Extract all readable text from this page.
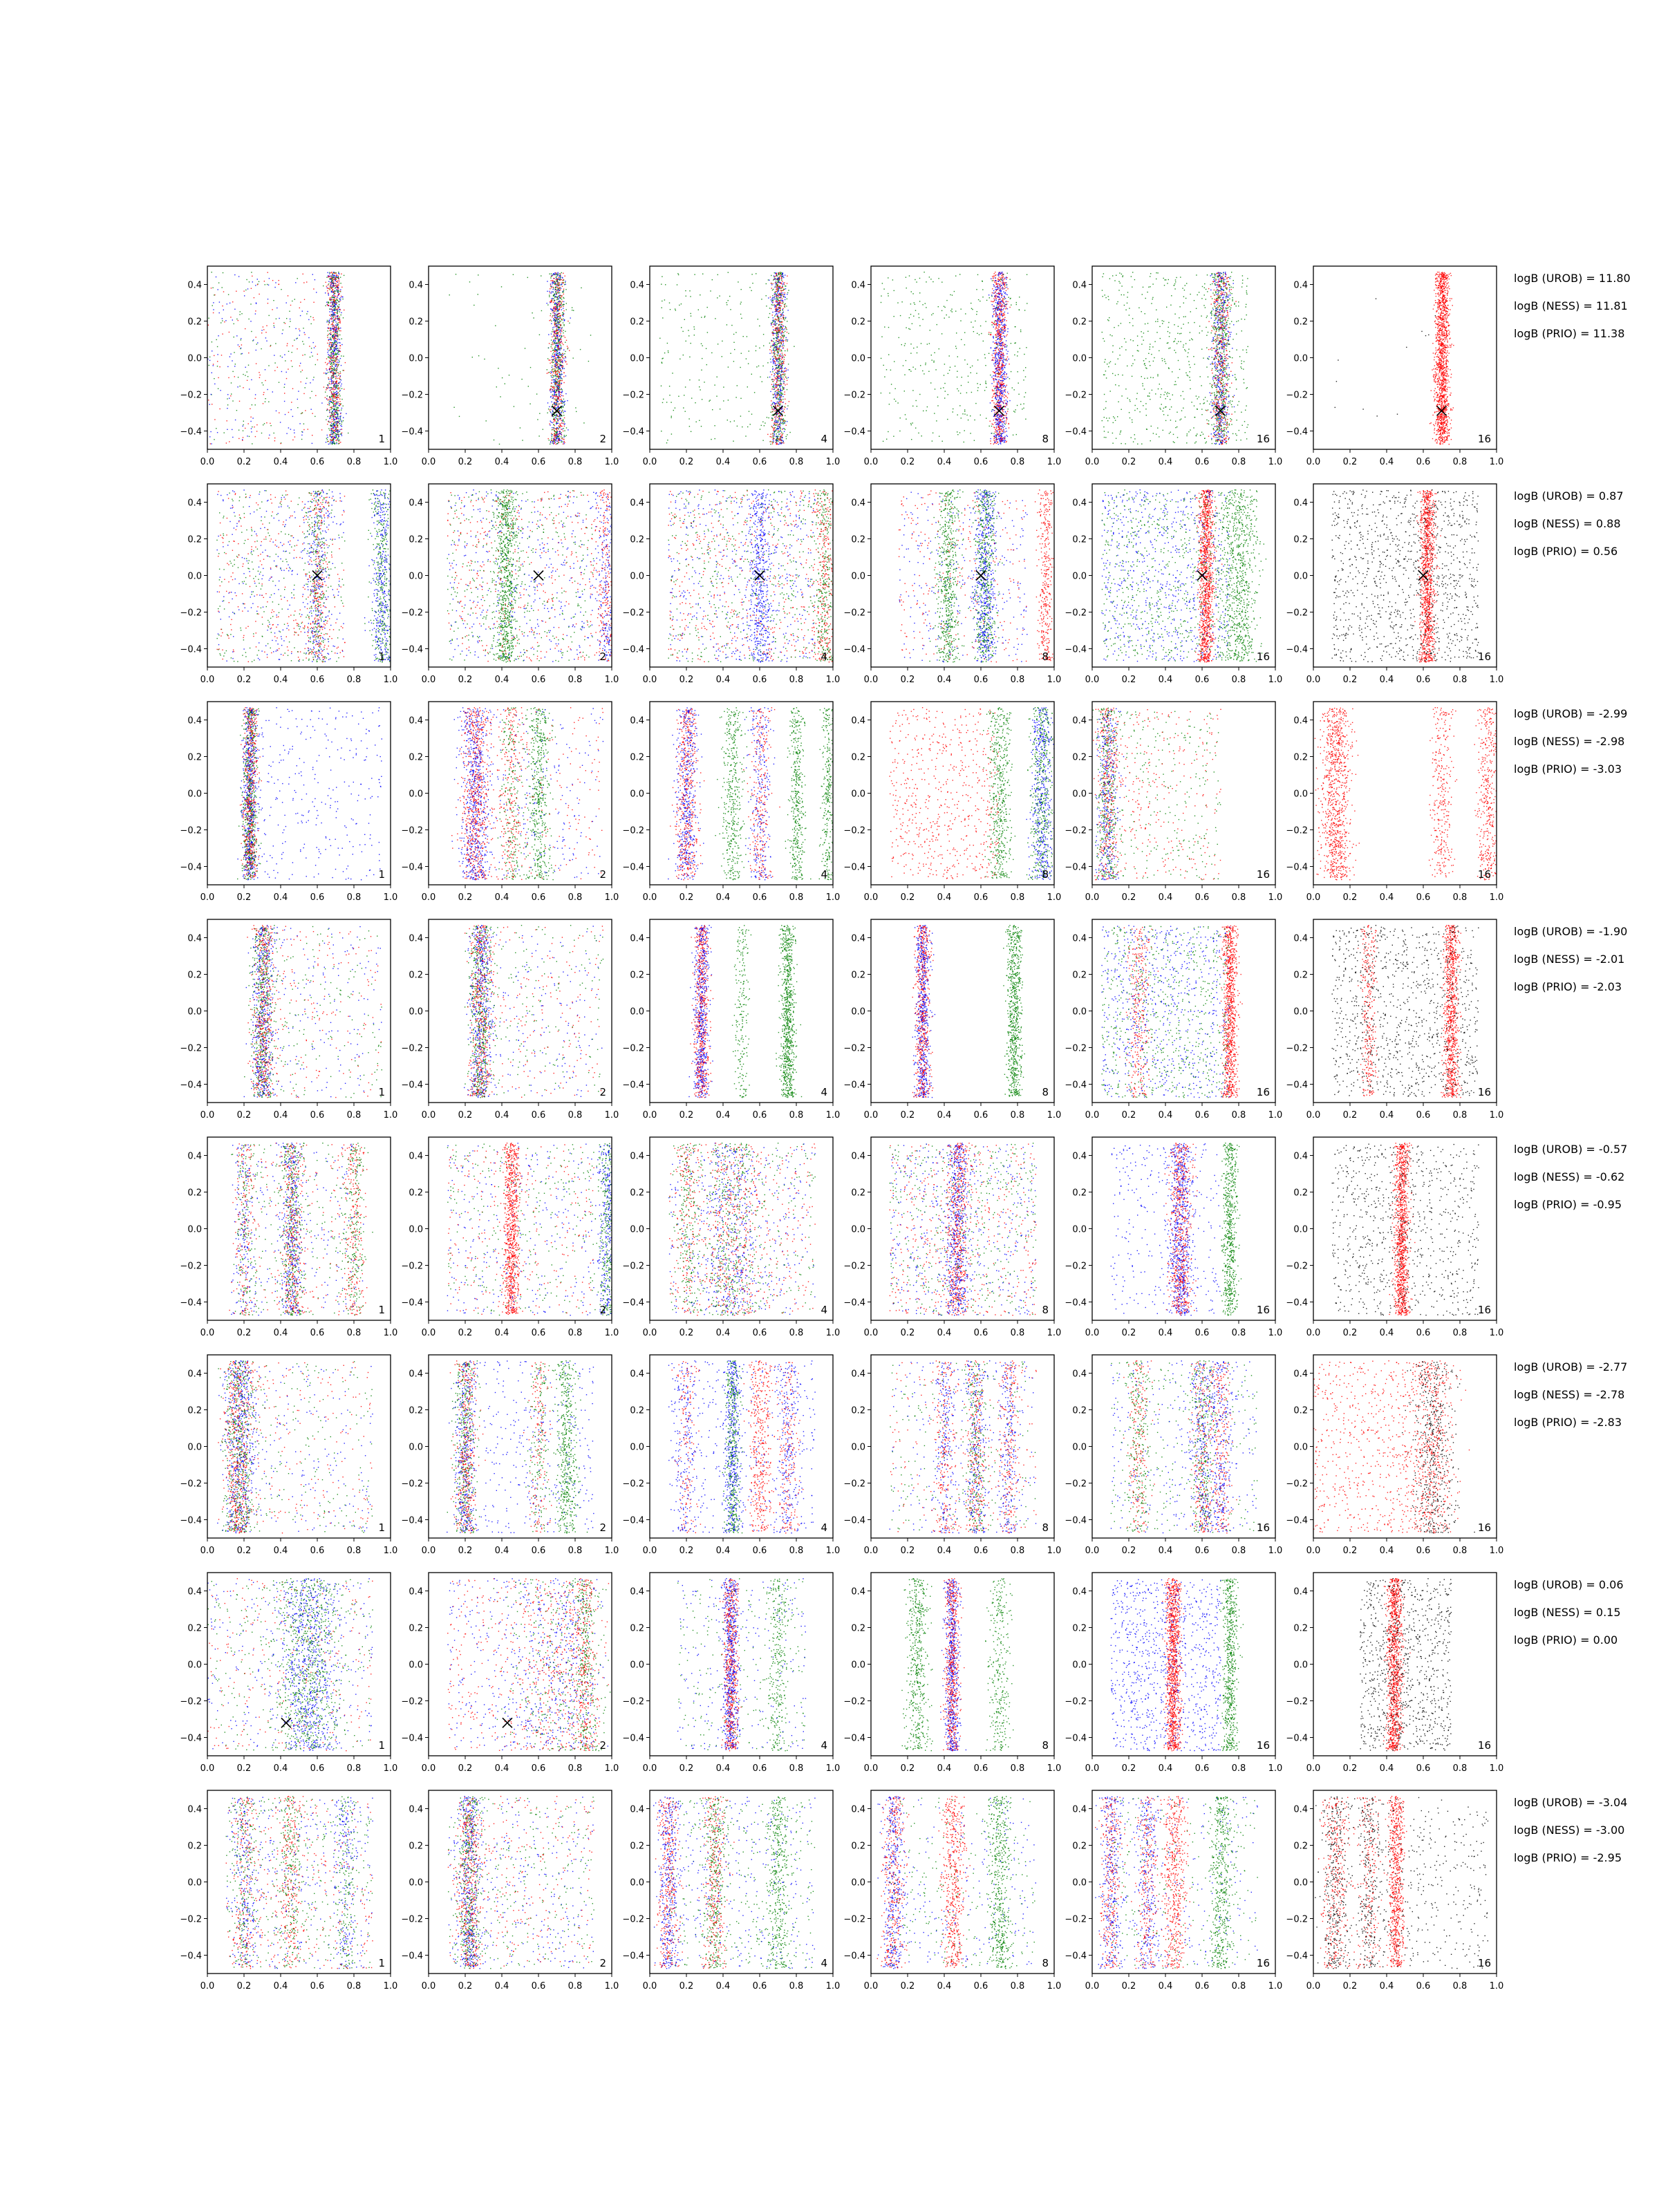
0.0 0.2 0.4 0.6 0.8 1.0
0.4
0.2
0.0
−0.2
−0.4
1
0.0 0.2 0.4 0.6 0.8 1.0
0.4
0.2
0.0
−0.2
−0.4
2
0.0 0.2 0.4 0.6 0.8 1.0
0.4
0.2
0.0
−0.2
−0.4
4
0.0 0.2 0.4 0.6 0.8 1.0
0.4
0.2
0.0
−0.2
−0.4
8
0.0 0.2 0.4 0.6 0.8 1.0
0.4
0.2
0.0
−0.2
−0.4
16
0.0 0.2 0.4 0.6 0.8 1.0
0.4
0.2
0.0
−0.2
−0.4
16
logB (UROB) = 11.80
logB (NESS) = 11.81
logB (PRIO) = 11.38
0.0 0.2 0.4 0.6 0.8 1.0
0.4
0.2
0.0
−0.2
−0.4
1
0.0 0.2 0.4 0.6 0.8 1.0
0.4
0.2
0.0
−0.2
−0.4
2
0.0 0.2 0.4 0.6 0.8 1.0
0.4
0.2
0.0
−0.2
−0.4
4
0.0 0.2 0.4 0.6 0.8 1.0
0.4
0.2
0.0
−0.2
−0.4
8
0.0 0.2 0.4 0.6 0.8 1.0
0.4
0.2
0.0
−0.2
−0.4
16
0.0 0.2 0.4 0.6 0.8 1.0
0.4
0.2
0.0
−0.2
−0.4
16
logB (UROB) = 0.87
logB (NESS) = 0.88
logB (PRIO) = 0.56
0.0 0.2 0.4 0.6 0.8 1.0
0.4
0.2
0.0
−0.2
−0.4
1
0.0 0.2 0.4 0.6 0.8 1.0
0.4
0.2
0.0
−0.2
−0.4
2
0.0 0.2 0.4 0.6 0.8 1.0
0.4
0.2
0.0
−0.2
−0.4
4
0.0 0.2 0.4 0.6 0.8 1.0
0.4
0.2
0.0
−0.2
−0.4
8
0.0 0.2 0.4 0.6 0.8 1.0
0.4
0.2
0.0
−0.2
−0.4
16
0.0 0.2 0.4 0.6 0.8 1.0
0.4
0.2
0.0
−0.2
−0.4
16
logB (UROB) = -2.99
logB (NESS) = -2.98
logB (PRIO) = -3.03
0.0 0.2 0.4 0.6 0.8 1.0
0.4
0.2
0.0
−0.2
−0.4
1
0.0 0.2 0.4 0.6 0.8 1.0
0.4
0.2
0.0
−0.2
−0.4
2
0.0 0.2 0.4 0.6 0.8 1.0
0.4
0.2
0.0
−0.2
−0.4
4
0.0 0.2 0.4 0.6 0.8 1.0
0.4
0.2
0.0
−0.2
−0.4
8
0.0 0.2 0.4 0.6 0.8 1.0
0.4
0.2
0.0
−0.2
−0.4
16
0.0 0.2 0.4 0.6 0.8 1.0
0.4
0.2
0.0
−0.2
−0.4
16
logB (UROB) = -1.90
logB (NESS) = -2.01
logB (PRIO) = -2.03
0.0 0.2 0.4 0.6 0.8 1.0
0.4
0.2
0.0
−0.2
−0.4
1
0.0 0.2 0.4 0.6 0.8 1.0
0.4
0.2
0.0
−0.2
−0.4
2
0.0 0.2 0.4 0.6 0.8 1.0
0.4
0.2
0.0
−0.2
−0.4
4
0.0 0.2 0.4 0.6 0.8 1.0
0.4
0.2
0.0
−0.2
−0.4
8
0.0 0.2 0.4 0.6 0.8 1.0
0.4
0.2
0.0
−0.2
−0.4
16
0.0 0.2 0.4 0.6 0.8 1.0
0.4
0.2
0.0
−0.2
−0.4
16
logB (UROB) = -0.57
logB (NESS) = -0.62
logB (PRIO) = -0.95
0.0 0.2 0.4 0.6 0.8 1.0
0.4
0.2
0.0
−0.2
−0.4
1
0.0 0.2 0.4 0.6 0.8 1.0
0.4
0.2
0.0
−0.2
−0.4
2
0.0 0.2 0.4 0.6 0.8 1.0
0.4
0.2
0.0
−0.2
−0.4
4
0.0 0.2 0.4 0.6 0.8 1.0
0.4
0.2
0.0
−0.2
−0.4
8
0.0 0.2 0.4 0.6 0.8 1.0
0.4
0.2
0.0
−0.2
−0.4
16
0.0 0.2 0.4 0.6 0.8 1.0
0.4
0.2
0.0
−0.2
−0.4
16
logB (UROB) = -2.77
logB (NESS) = -2.78
logB (PRIO) = -2.83
0.0 0.2 0.4 0.6 0.8 1.0
0.4
0.2
0.0
−0.2
−0.4
1
0.0 0.2 0.4 0.6 0.8 1.0
0.4
0.2
0.0
−0.2
−0.4
2
0.0 0.2 0.4 0.6 0.8 1.0
0.4
0.2
0.0
−0.2
−0.4
4
0.0 0.2 0.4 0.6 0.8 1.0
0.4
0.2
0.0
−0.2
−0.4
8
0.0 0.2 0.4 0.6 0.8 1.0
0.4
0.2
0.0
−0.2
−0.4
16
0.0 0.2 0.4 0.6 0.8 1.0
0.4
0.2
0.0
−0.2
−0.4
16
logB (UROB) = 0.06
logB (NESS) = 0.15
logB (PRIO) = 0.00
0.0 0.2 0.4 0.6 0.8 1.0
0.4
0.2
0.0
−0.2
−0.4
1
0.0 0.2 0.4 0.6 0.8 1.0
0.4
0.2
0.0
−0.2
−0.4
2
0.0 0.2 0.4 0.6 0.8 1.0
0.4
0.2
0.0
−0.2
−0.4
4
0.0 0.2 0.4 0.6 0.8 1.0
0.4
0.2
0.0
−0.2
−0.4
8
0.0 0.2 0.4 0.6 0.8 1.0
0.4
0.2
0.0
−0.2
−0.4
16
0.0 0.2 0.4 0.6 0.8 1.0
0.4
0.2
0.0
−0.2
−0.4
16
logB (UROB) = -3.04
logB (NESS) = -3.00
logB (PRIO) = -2.95
